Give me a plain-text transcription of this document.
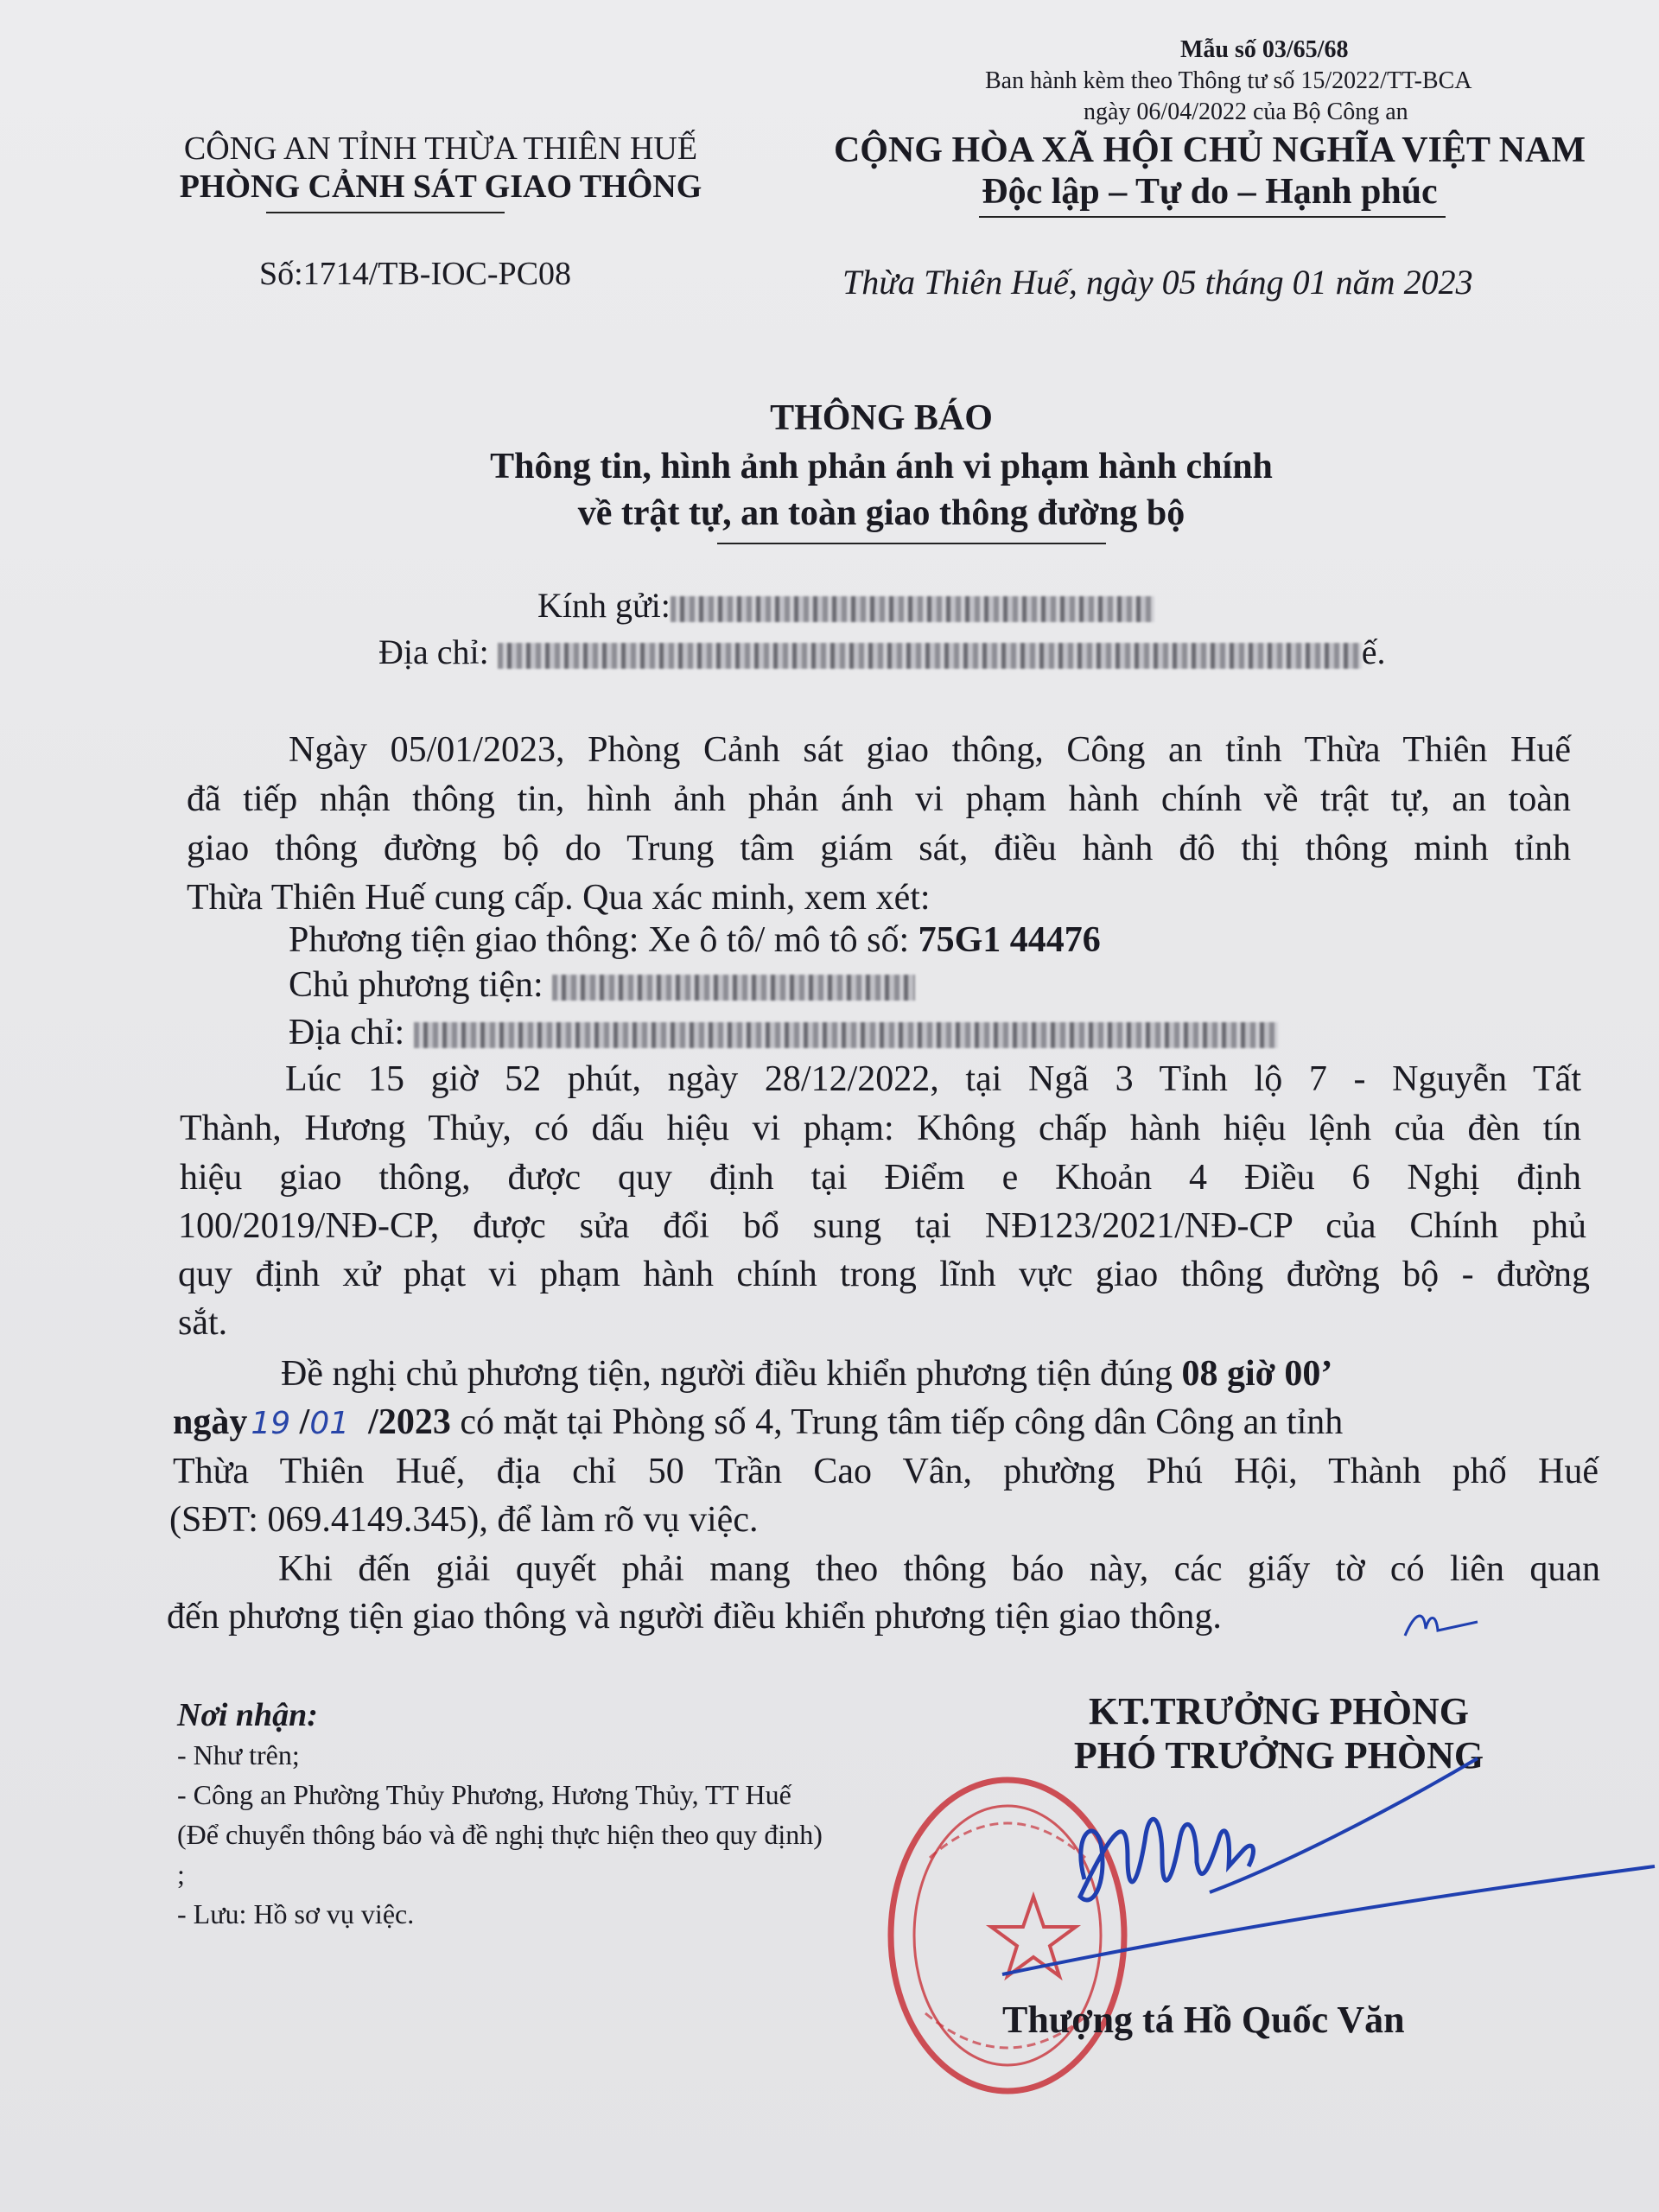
Mẫu số 03/65/68
Ban hành kèm theo Thông tư số 15/2022/TT-BCA
ngày 06/04/2022 của Bộ Công an
CÔNG AN TỈNH THỪA THIÊN HUẾ
PHÒNG CẢNH SÁT GIAO THÔNG
Số:1714/TB-IOC-PC08
CỘNG HÒA XÃ HỘI CHỦ NGHĨA VIỆT NAM
Độc lập – Tự do – Hạnh phúc
Thừa Thiên Huế, ngày 05 tháng 01 năm 2023
THÔNG BÁO
Thông tin, hình ảnh phản ánh vi phạm hành chính
về trật tự, an toàn giao thông đường bộ
Kính gửi:
Địa chỉ:	ế.
Ngày 05/01/2023, Phòng Cảnh sát giao thông, Công an tỉnh Thừa Thiên Huế
đã tiếp nhận thông tin, hình ảnh phản ánh vi phạm hành chính về trật tự, an toàn
giao thông đường bộ do Trung tâm giám sát, điều hành đô thị thông minh tỉnh
Thừa Thiên Huế cung cấp. Qua xác minh, xem xét:
Phương tiện giao thông: Xe ô tô/ mô tô số: 75G1 44476
Chủ phương tiện:
Địa chỉ:
Lúc 15 giờ 52 phút, ngày 28/12/2022, tại Ngã 3 Tỉnh lộ 7 - Nguyễn Tất
Thành, Hương Thủy, có dấu hiệu vi phạm: Không chấp hành hiệu lệnh của đèn tín
hiệu giao thông, được quy định tại Điểm e Khoản 4 Điều 6 Nghị định
100/2019/NĐ-CP, được sửa đổi bổ sung tại NĐ123/2021/NĐ-CP của Chính phủ
quy định xử phạt vi phạm hành chính trong lĩnh vực giao thông đường bộ - đường
sắt.
Đề nghị chủ phương tiện, người điều khiển phương tiện đúng 08 giờ 00’
ngày 19 /01 /2023 có mặt tại Phòng số 4, Trung tâm tiếp công dân Công an tỉnh
Thừa Thiên Huế, địa chỉ 50 Trần Cao Vân, phường Phú Hội, Thành phố Huế
(SĐT: 069.4149.345), để làm rõ vụ việc.
Khi đến giải quyết phải mang theo thông báo này, các giấy tờ có liên quan
đến phương tiện giao thông và người điều khiển phương tiện giao thông.
Nơi nhận:
- Như trên;
- Công an Phường Thủy Phương, Hương Thủy, TT Huế (Để chuyển thông báo và đề nghị thực hiện theo quy định) ;
- Lưu: Hồ sơ vụ việc.
KT.TRƯỞNG PHÒNG
PHÓ TRƯỞNG PHÒNG
Thượng tá Hồ Quốc Văn
